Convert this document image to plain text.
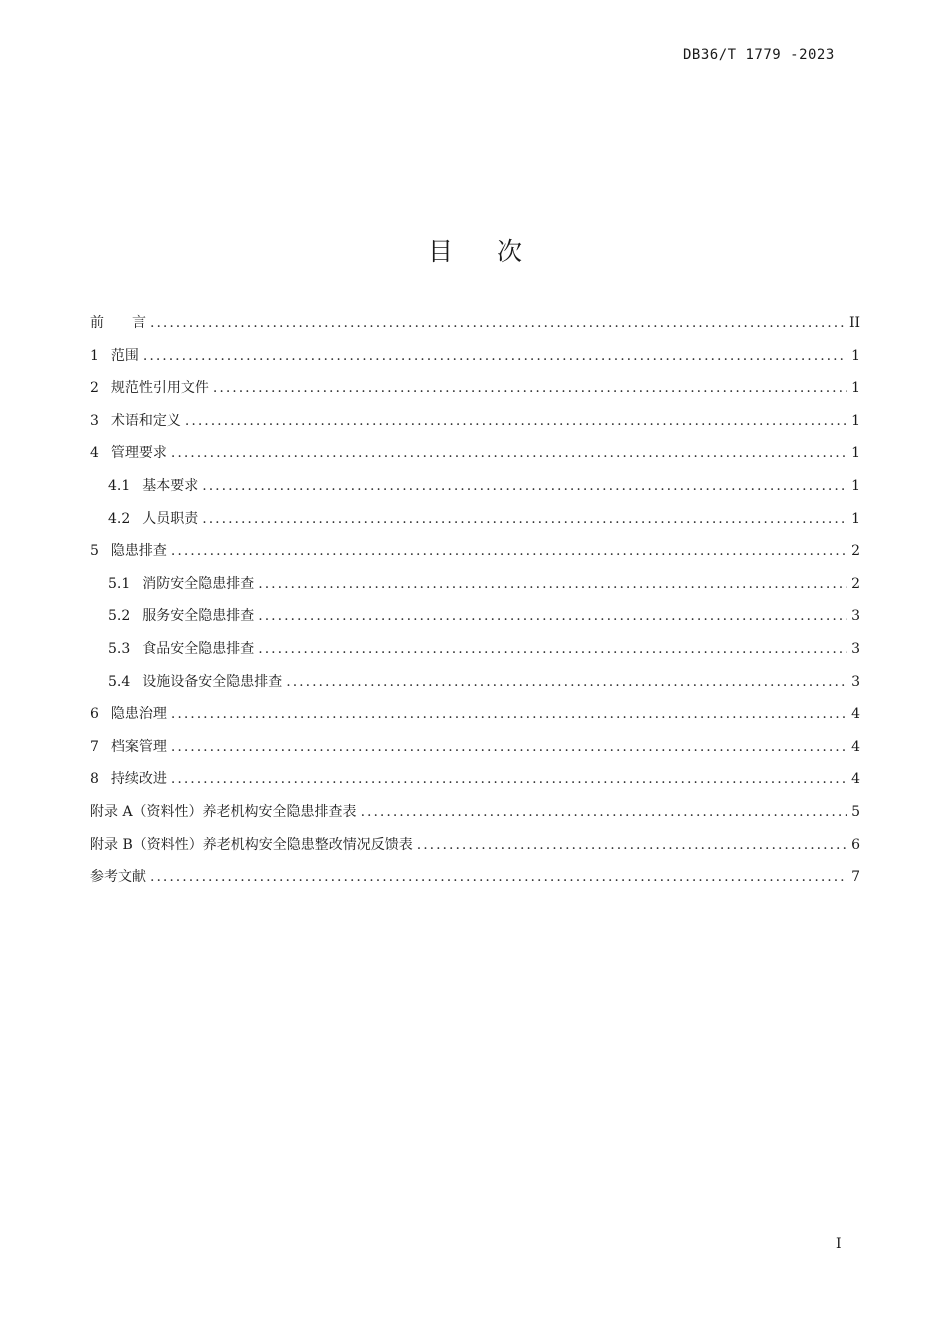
DB36/T 1779 -2023
目次
前　　言 .....	II
1 范围 .....	1
2 规范性引用文件 .....	1
3 术语和定义 .....	1
4 管理要求 .....	1
4.1 基本要求 .....	1
4.2 人员职责 .....	1
5 隐患排查 .....	2
5.1 消防安全隐患排查 .....	2
5.2 服务安全隐患排查 .....	3
5.3 食品安全隐患排查 .....	3
5.4 设施设备安全隐患排查 .....	3
6 隐患治理 .....	4
7 档案管理 .....	4
8 持续改进 .....	4
附录 A（资料性）养老机构安全隐患排查表 .....	5
附录 B（资料性）养老机构安全隐患整改情况反馈表 .....	6
参考文献 .....	7
I
